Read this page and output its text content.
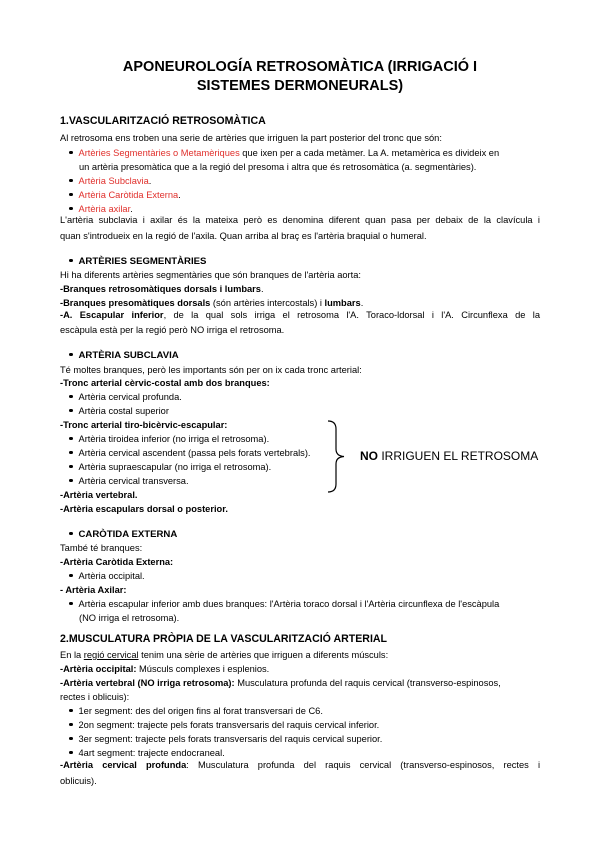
APONEUROLOGÍA RETROSOMÀTICA (IRRIGACIÓ I
SISTEMES DERMONEURALS)
1.VASCULARITZACIÓ RETROSOMÀTICA
Al retrosoma ens troben una serie de artèries que irriguen la part posterior del tronc que són:
Artèries Segmentàries o Metamèriques que ixen per a cada metàmer. La A. metamèrica es divideix en
un artèria presomàtica que a la regió del presoma i altra que és retrosomàtica (a. segmentàries).
Artèria Subclavia.
Artèria Caròtida Externa.
Artèria axilar.
L'artèria subclavia i axilar és la mateixa però es denomina diferent quan pasa per debaix de la clavícula i
quan s'introdueix en la regió de l'axila. Quan arriba al braç es l'artèria braquial o humeral.
ARTÈRIES SEGMENTÀRIES
Hi ha diferents artèries segmentàries que són branques de l'artèria aorta:
-Branques retrosomàtiques dorsals i lumbars.
-Branques presomàtiques dorsals (són artèries intercostals) i lumbars.
-A. Escapular inferior, de la qual sols irriga el retrosoma l'A. Toraco-ldorsal i l'A. Circunflexa de la
escàpula està per la regió però NO irriga el retrosoma.
ARTÈRIA SUBCLAVIA
Té moltes branques, però les importants són per on ix cada tronc arterial:
-Tronc arterial cèrvic-costal amb dos branques:
Artèria cervical profunda.
Artèria costal superior
-Tronc arterial tiro-bicèrvic-escapular:
Artèria tiroidea inferior (no irriga el retrosoma).
Artèria cervical ascendent (passa pels forats vertebrals).
Artèria supraescapular (no irriga el retrosoma).
Artèria cervical transversa.
-Artèria vertebral.
-Artèria escapulars dorsal o posterior.
NO IRRIGUEN EL RETROSOMA
CARÒTIDA EXTERNA
També té branques:
-Artèria Caròtida Externa:
Artèria occipital.
- Artèria Axilar:
Artèria escapular inferior amb dues branques: l'Artèria toraco dorsal i l'Artèria circunflexa de l'escàpula
(NO irriga el retrosoma).
2.MUSCULATURA PRÒPIA DE LA VASCULARITZACIÓ ARTERIAL
En la regió cervical tenim una sèrie de artèries que irriguen a diferents músculs:
-Artèria occipital: Músculs complexes i esplenios.
-Artèria vertebral (NO irriga retrosoma): Musculatura profunda del raquis cervical (transverso-espinosos,
rectes i oblicuis):
1er segment: des del origen fins al forat transversari de C6.
2on segment: trajecte pels forats transversaris del raquis cervical inferior.
3er segment: trajecte pels forats transversaris del raquis cervical superior.
4art segment: trajecte endocraneal.
-Artèria cervical profunda: Musculatura profunda del raquis cervical (transverso-espinosos, rectes i
oblicuis).
